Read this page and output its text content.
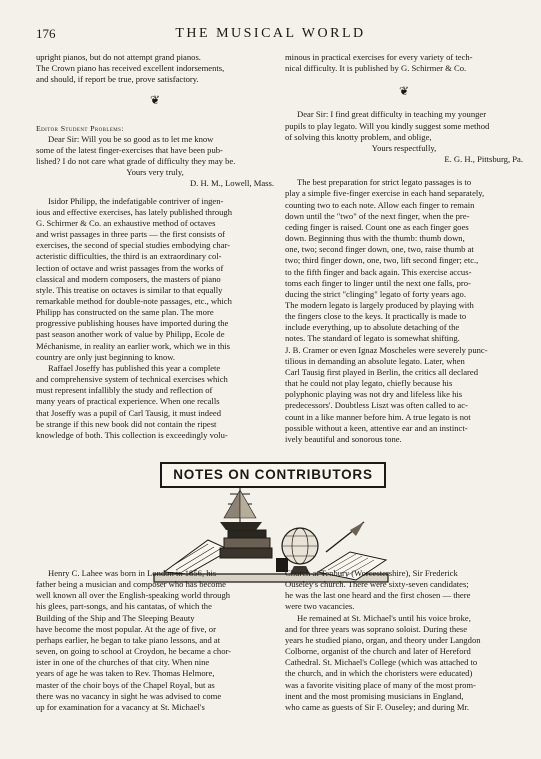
176	THE MUSICAL WORLD

upright pianos, but do not attempt grand pianos.

The Crown piano has received excellent indorsements,

and should, if report be true, prove satisfactory.

❦

Editor Student Problems:

Dear Sir: Will you be so good as to let me know

some of the latest finger-exercises that have been pub-

lished? I do not care what grade of difficulty they may be.

Yours very truly,

D. H. M., Lowell, Mass.

Isidor Philipp, the indefatigable contriver of ingen-

ious and effective exercises, has lately published through

G. Schirmer & Co. an exhaustive method of octaves

and wrist passages in three parts — the first consists of

exercises, the second of special studies embodying char-

acteristic difficulties, the third is an extraordinary col-

lection of octave and wrist passages from the works of

classical and modern composers, the masters of piano

style. This treatise on octaves is similar to that equally

remarkable method for double-note passages, etc., which

Philipp has constructed on the same plan. The more

progressive publishing houses have imported during the

past season another work of value by Philipp, Ecole de

Méchanisme, in reality an earlier work, which we in this

country are only just beginning to know.

Raffael Joseffy has published this year a complete

and comprehensive system of technical exercises which

must represent infallibly the study and reflection of

many years of practical experience. When one recalls

that Joseffy was a pupil of Carl Tausig, it must indeed

be strange if this new book did not contain the ripest

knowledge of both. This collection is exceedingly volu-

minous in practical exercises for every variety of tech-

nical difficulty. It is published by G. Schirmer & Co.

❦

Dear Sir: I find great difficulty in teaching my younger

pupils to play legato. Will you kindly suggest some method

of solving this knotty problem, and oblige,

Yours respectfully,

E. G. H., Pittsburg, Pa.

The best preparation for strict legato passages is to

play a simple five-finger exercise in each hand separately,

counting two to each note. Allow each finger to remain

down until the "two" of the next finger, when the pre-

ceding finger is raised. Count one as each finger goes

down. Beginning thus with the thumb: thumb down,

one, two; second finger down, one, two, raise thumb at

two; third finger down, one, two, lift second finger; etc.,

to the fifth finger and back again. This exercise accus-

toms each finger to linger until the next one falls, pro-

ducing the strict "clinging" legato of forty years ago.

The modern legato is largely produced by playing with

the fingers close to the keys. It practically is made to

include everything, up to absolute detaching of the

notes. The standard of legato is somewhat shifting.

J. B. Cramer or even Ignaz Moscheles were severely punc-

tilious in demanding an absolute legato. Later, when

Carl Tausig first played in Berlin, the critics all declared

that he could not play legato, chiefly because his

polyphonic playing was not dry and lifeless like his

predecessors'. Doubtless Liszt was often called to ac-

count in a like manner before him. A true legato is not

possible without a keen, attentive ear and an instinct-

ively beautiful and sonorous tone.

NOTES ON CONTRIBUTORS

Henry C. Lahee was born in London in 1856, his

father being a musician and composer who has become

well known all over the English-speaking world through

his glees, part-songs, and his cantatas, of which the

Building of the Ship and The Sleeping Beauty

have become the most popular. At the age of five, or

perhaps earlier, he began to take piano lessons, and at

seven, on going to school at Croydon, he became a chor-

ister in one of the churches of that city. When nine

years of age he was taken to Rev. Thomas Helmore,

master of the choir boys of the Chapel Royal, but as

there was no vacancy in sight he was advised to come

up for examination for a vacancy at St. Michael's

Church at Tenbury (Worcestershire), Sir Frederick

Ouseley's church. There were sixty-seven candidates;

he was the last one heard and the first chosen — there

were two vacancies.

He remained at St. Michael's until his voice broke,

and for three years was soprano soloist. During these

years he studied piano, organ, and theory under Langdon

Colborne, organist of the church and later of Hereford

Cathedral. St. Michael's College (which was attached to

the church, and in which the choristers were educated)

was a favorite visiting place of many of the most prom-

inent and the most promising musicians in England,

who came as guests of Sir F. Ouseley; and during Mr.
